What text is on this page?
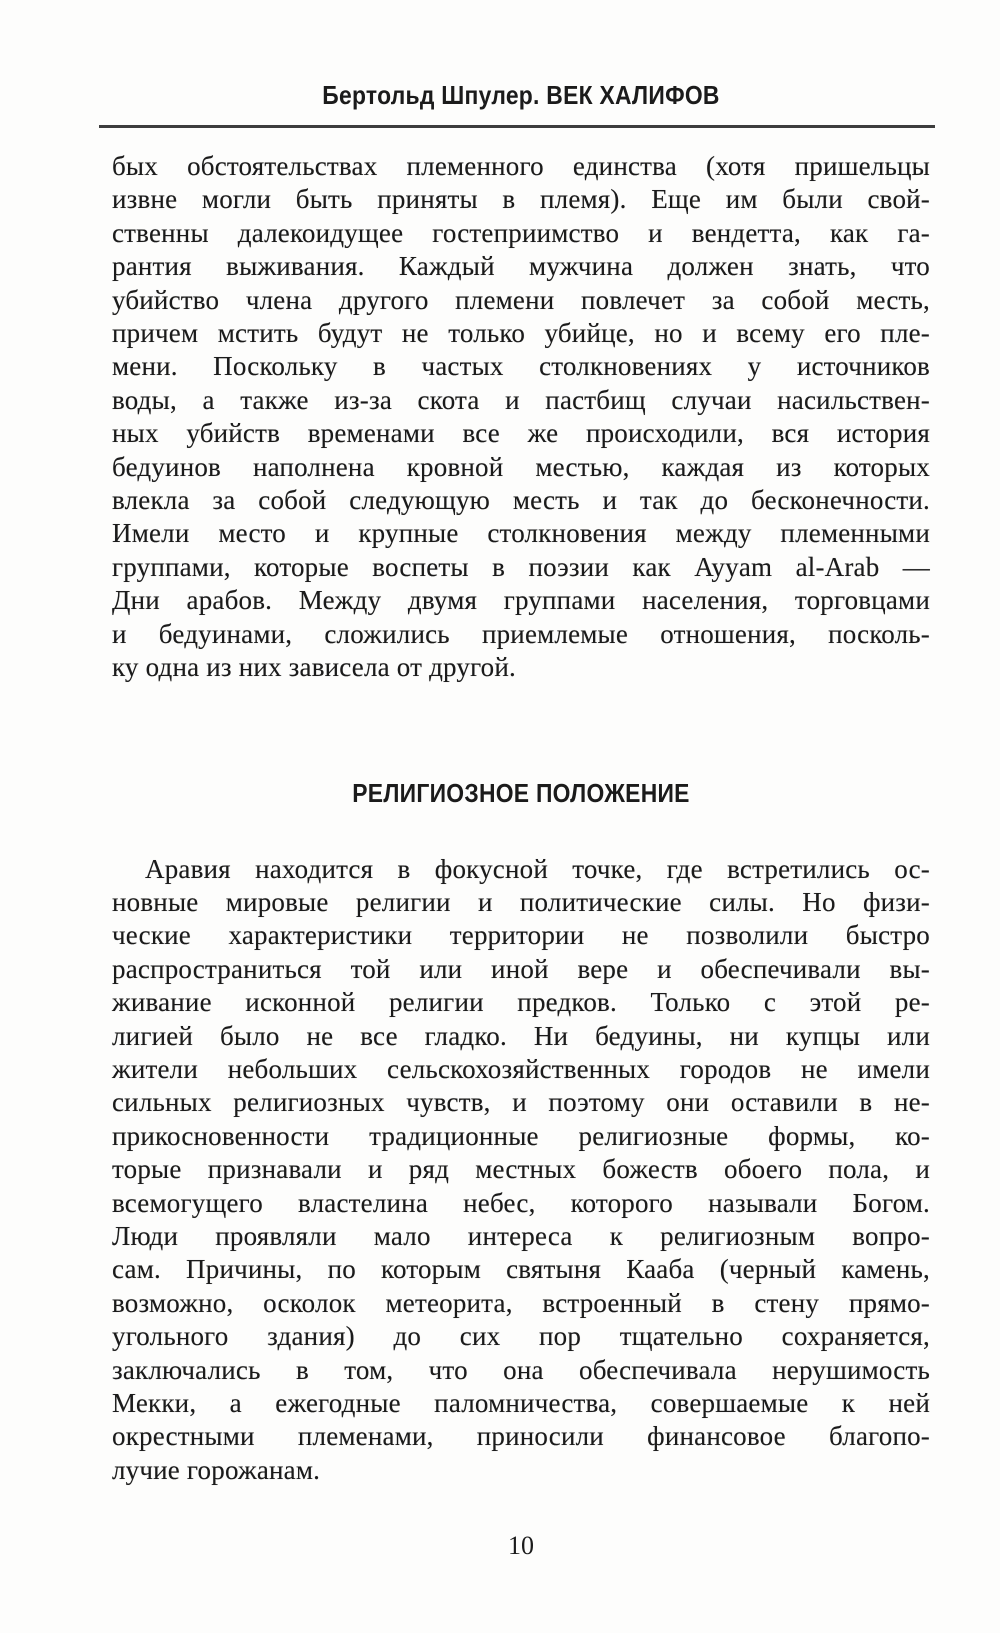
Бертольд Шпулер. ВЕК ХАЛИФОВ
бых обстоятельствах племенного единства (хотя пришельцы
извне могли быть приняты в племя). Еще им были свой-
ственны далекоидущее гостеприимство и вендетта, как га-
рантия выживания. Каждый мужчина должен знать, что
убийство члена другого племени повлечет за собой месть,
причем мстить будут не только убийце, но и всему его пле-
мени. Поскольку в частых столкновениях у источников
воды, а также из-за скота и пастбищ случаи насильствен-
ных убийств временами все же происходили, вся история
бедуинов наполнена кровной местью, каждая из которых
влекла за собой следующую месть и так до бесконечности.
Имели место и крупные столкновения между племенными
группами, которые воспеты в поэзии как Ayyam al-Arab —
Дни арабов. Между двумя группами населения, торговцами
и бедуинами, сложились приемлемые отношения, посколь-
ку одна из них зависела от другой.
РЕЛИГИОЗНОЕ ПОЛОЖЕНИЕ
Аравия находится в фокусной точке, где встретились ос-
новные мировые религии и политические силы. Но физи-
ческие характеристики территории не позволили быстро
распространиться той или иной вере и обеспечивали вы-
живание исконной религии предков. Только с этой ре-
лигией было не все гладко. Ни бедуины, ни купцы или
жители небольших сельскохозяйственных городов не имели
сильных религиозных чувств, и поэтому они оставили в не-
прикосновенности традиционные религиозные формы, ко-
торые признавали и ряд местных божеств обоего пола, и
всемогущего властелина небес, которого называли Богом.
Люди проявляли мало интереса к религиозным вопро-
сам. Причины, по которым святыня Кааба (черный камень,
возможно, осколок метеорита, встроенный в стену прямо-
угольного здания) до сих пор тщательно сохраняется,
заключались в том, что она обеспечивала нерушимость
Мекки, а ежегодные паломничества, совершаемые к ней
окрестными племенами, приносили финансовое благопо-
лучие горожанам.
10
